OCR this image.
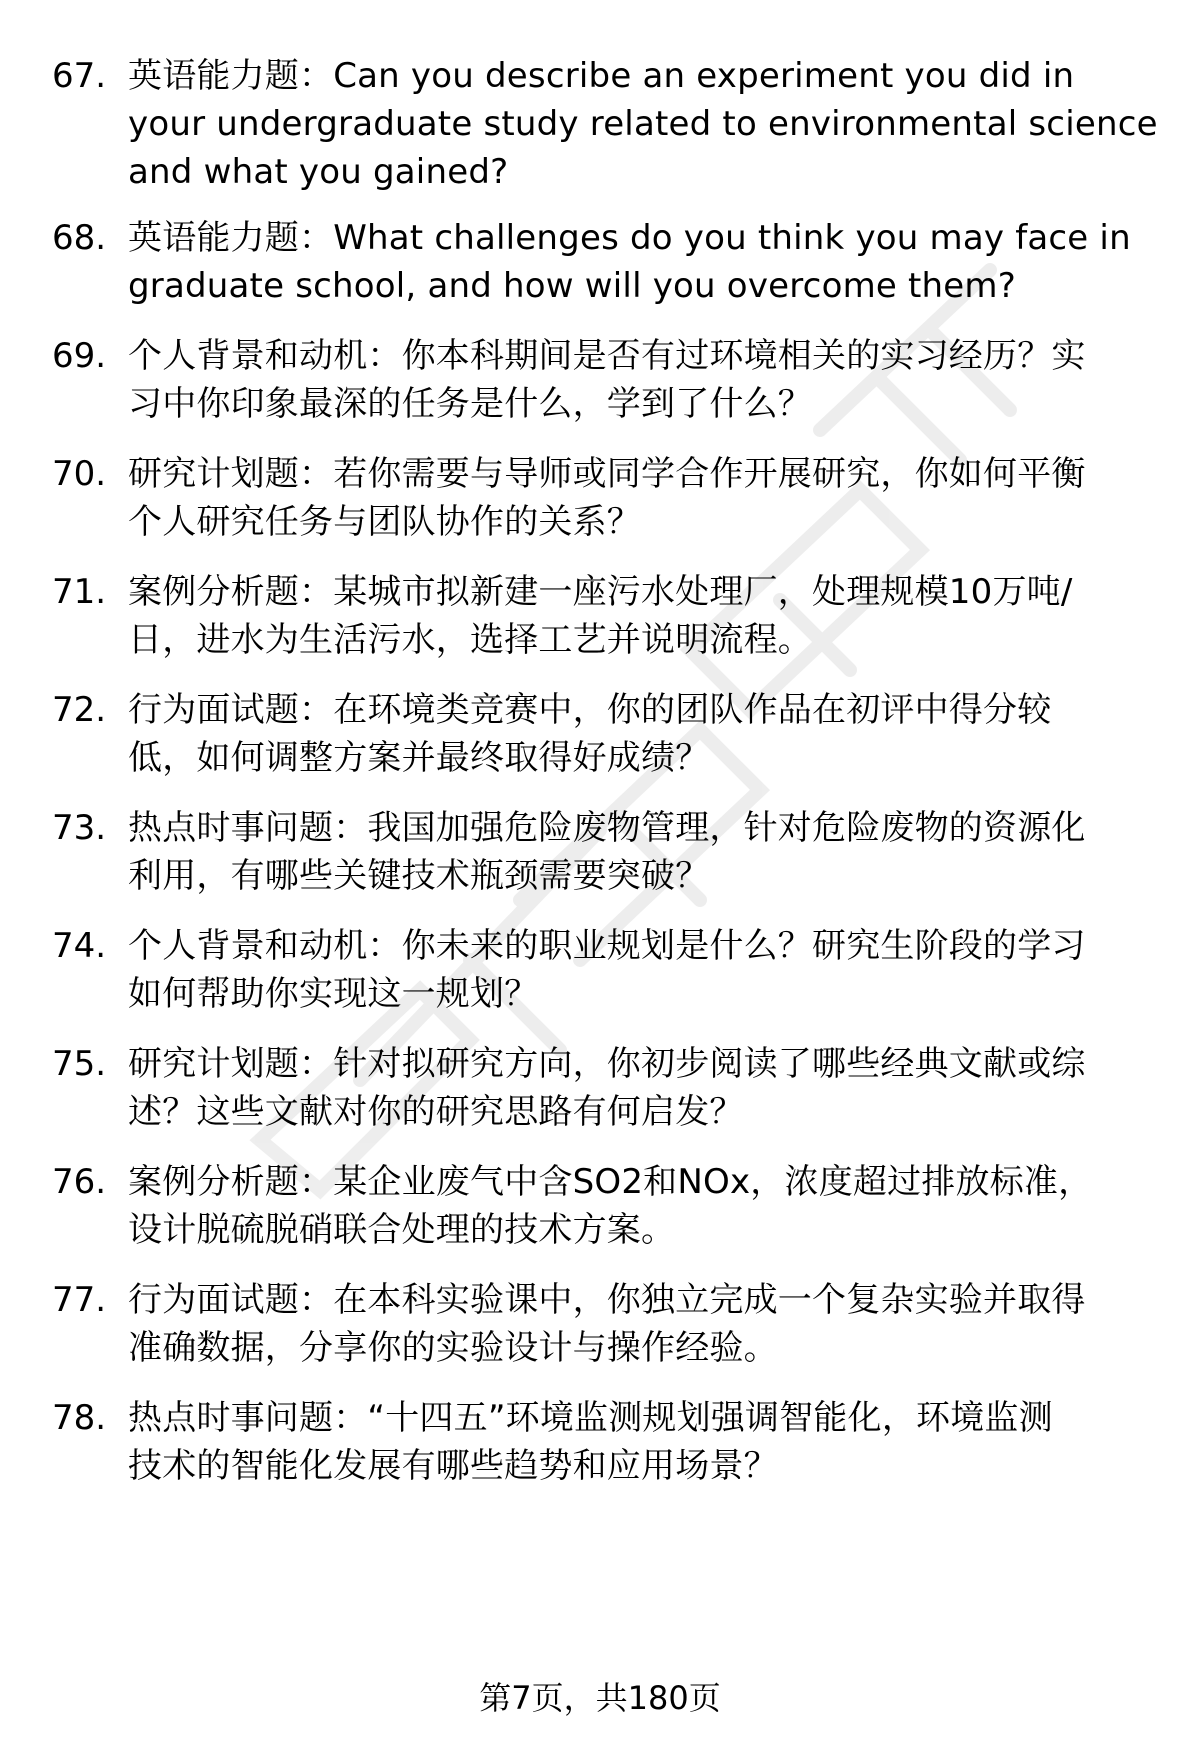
67. 英语能力题：Can you describe an experiment you did in
your undergraduate study related to environmental science
and what you gained?
68. 英语能力题：What challenges do you think you may face in
graduate school, and how will you overcome them?
69. 个人背景和动机：你本科期间是否有过环境相关的实习经历？实
习中你印象最深的任务是什么，学到了什么？
70. 研究计划题：若你需要与导师或同学合作开展研究，你如何平衡
个人研究任务与团队协作的关系？
71. 案例分析题：某城市拟新建一座污水处理厂，处理规模10万吨/
日，进水为生活污水，选择工艺并说明流程。
72. 行为面试题：在环境类竞赛中，你的团队作品在初评中得分较
低，如何调整方案并最终取得好成绩？
73. 热点时事问题：我国加强危险废物管理，针对危险废物的资源化
利用，有哪些关键技术瓶颈需要突破？
74. 个人背景和动机：你未来的职业规划是什么？研究生阶段的学习
如何帮助你实现这一规划？
75. 研究计划题：针对拟研究方向，你初步阅读了哪些经典文献或综
述？这些文献对你的研究思路有何启发？
76. 案例分析题：某企业废气中含SO2和NOx，浓度超过排放标准，
设计脱硫脱硝联合处理的技术方案。
77. 行为面试题：在本科实验课中，你独立完成一个复杂实验并取得
准确数据，分享你的实验设计与操作经验。
78. 热点时事问题：“十四五”环境监测规划强调智能化，环境监测
技术的智能化发展有哪些趋势和应用场景？
第7页，共180页
